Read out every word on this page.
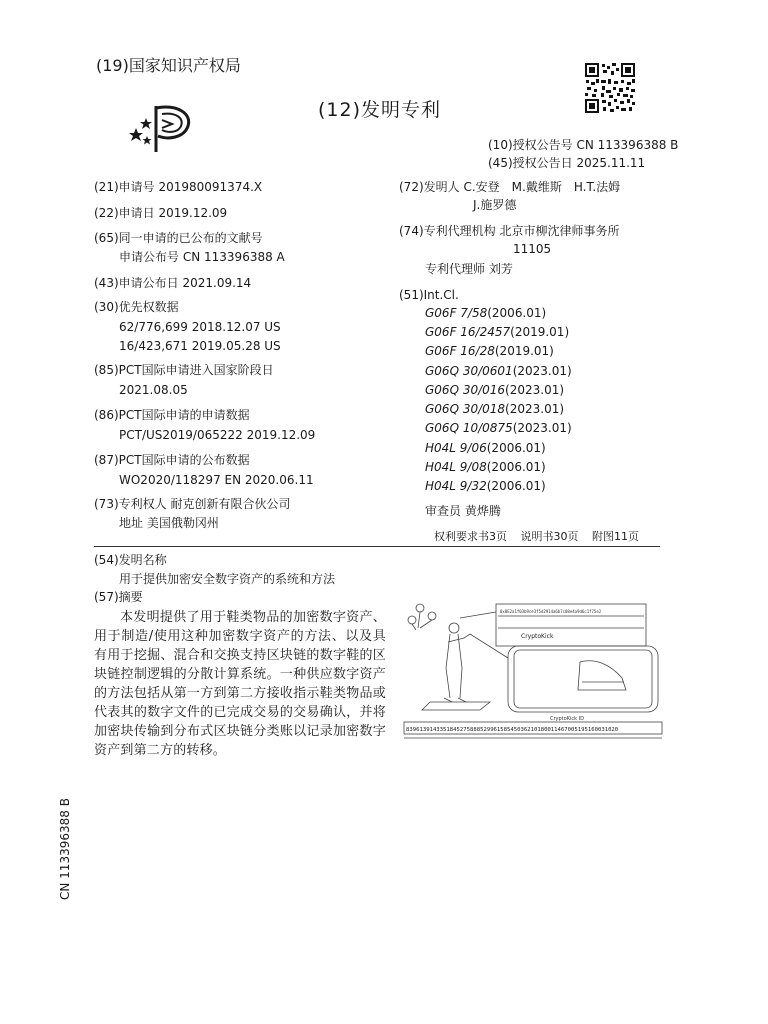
(19)国家知识产权局
(12)发明专利
(10)授权公告号 CN 113396388 B
(45)授权公告日 2025.11.11
(21)申请号 201980091374.X
(22)申请日 2019.12.09
(65)同一申请的已公布的文献号
申请公布号 CN 113396388 A
(43)申请公布日 2021.09.14
(30)优先权数据
62/776,699 2018.12.07 US
16/423,671 2019.05.28 US
(85)PCT国际申请进入国家阶段日
2021.08.05
(86)PCT国际申请的申请数据
PCT/US2019/065222 2019.12.09
(87)PCT国际申请的公布数据
WO2020/118297 EN 2020.06.11
(73)专利权人 耐克创新有限合伙公司
地址 美国俄勒冈州
(72)发明人 C.安登　M.戴维斯　H.T.法姆
J.施罗德
(74)专利代理机构 北京市柳沈律师事务所
11105
专利代理师 刘芳
(51)Int.Cl.
G06F 7/58(2006.01)
G06F 16/2457(2019.01)
G06F 16/28(2019.01)
G06Q 30/0601(2023.01)
G06Q 30/016(2023.01)
G06Q 30/018(2023.01)
G06Q 10/0875(2023.01)
H04L 9/06(2006.01)
H04L 9/08(2006.01)
H04L 9/32(2006.01)
审查员 黄烨腾
权利要求书3页 说明书30页 附图11页
(54)发明名称
用于提供加密安全数字资产的系统和方法
(57)摘要

本发明提供了用于鞋类物品的加密数字资产、用于制造/使用这种加密数字资产的方法、以及具有用于挖掘、混合和交换支持区块链的数字鞋的区块链控制逻辑的分散计算系统。一种供应数字资产的方法包括从第一方到第二方接收指示鞋类物品或代表其的数字文件的已完成交易的交易确认，并将加密块传输到分布式区块链分类账以记录加密数字资产到第二方的转移。

CryptoKick
0x8E2a1f03b9ce3f5d2914a6b7c08e4a9d6c1f75e2
CryptoKick ID
839613914335184527588852996158545036210180011467005195160031020
CN 113396388 B
